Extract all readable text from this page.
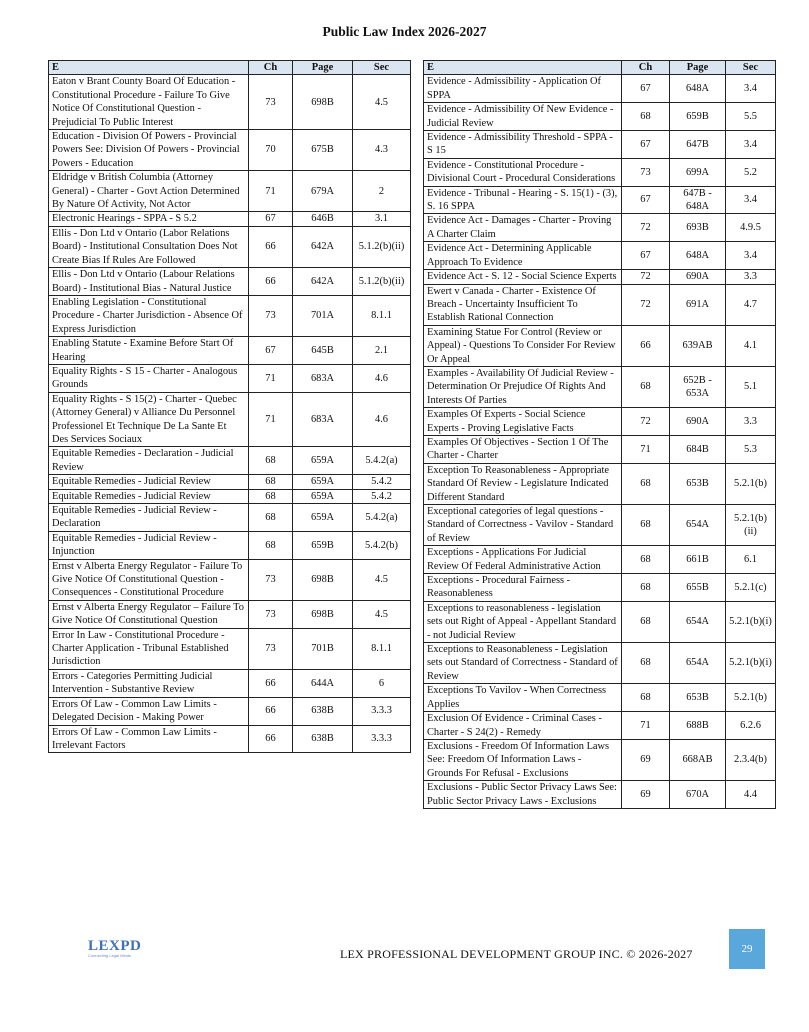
Public Law Index 2026-2027
E	Ch	Page	Sec
Eaton v Brant County Board Of Education - Constitutional Procedure - Failure To Give Notice Of Constitutional Question - Prejudicial To Public Interest	73	698B	4.5
Education - Division Of Powers - Provincial Powers See: Division Of Powers - Provincial Powers - Education	70	675B	4.3
Eldridge v British Columbia (Attorney General) - Charter - Govt Action Determined By Nature Of Activity, Not Actor	71	679A	2
Electronic Hearings - SPPA - S 5.2	67	646B	3.1
Ellis - Don Ltd v Ontario (Labor Relations Board) - Institutional Consultation Does Not Create Bias If Rules Are Followed	66	642A	5.1.2(b)(ii)
Ellis - Don Ltd v Ontario (Labour Relations Board) - Institutional Bias - Natural Justice	66	642A	5.1.2(b)(ii)
Enabling Legislation - Constitutional Procedure - Charter Jurisdiction - Absence Of Express Jurisdiction	73	701A	8.1.1
Enabling Statute - Examine Before Start Of Hearing	67	645B	2.1
Equality Rights - S 15 - Charter - Analogous Grounds	71	683A	4.6
Equality Rights - S 15(2) - Charter - Quebec (Attorney General) v Alliance Du Personnel Professionel Et Technique De La Sante Et Des Services Sociaux	71	683A	4.6
Equitable Remedies - Declaration - Judicial Review	68	659A	5.4.2(a)
Equitable Remedies - Judicial Review	68	659A	5.4.2
Equitable Remedies - Judicial Review	68	659A	5.4.2
Equitable Remedies - Judicial Review - Declaration	68	659A	5.4.2(a)
Equitable Remedies - Judicial Review - Injunction	68	659B	5.4.2(b)
Ernst v Alberta Energy Regulator - Failure To Give Notice Of Constitutional Question - Consequences - Constitutional Procedure	73	698B	4.5
Ernst v Alberta Energy Regulator – Failure To Give Notice Of Constitutional Question	73	698B	4.5
Error In Law - Constitutional Procedure - Charter Application - Tribunal Established Jurisdiction	73	701B	8.1.1
Errors - Categories Permitting Judicial Intervention - Substantive Review	66	644A	6
Errors Of Law - Common Law Limits - Delegated Decision - Making Power	66	638B	3.3.3
Errors Of Law - Common Law Limits - Irrelevant Factors	66	638B	3.3.3
E	Ch	Page	Sec
Evidence - Admissibility - Application Of SPPA	67	648A	3.4
Evidence - Admissibility Of New Evidence - Judicial Review	68	659B	5.5
Evidence - Admissibility Threshold - SPPA - S 15	67	647B	3.4
Evidence - Constitutional Procedure - Divisional Court - Procedural Considerations	73	699A	5.2
Evidence - Tribunal - Hearing - S. 15(1) - (3), S. 16 SPPA	67	647B - 648A	3.4
Evidence Act - Damages - Charter - Proving A Charter Claim	72	693B	4.9.5
Evidence Act - Determining Applicable Approach To Evidence	67	648A	3.4
Evidence Act - S. 12 - Social Science Experts	72	690A	3.3
Ewert v Canada - Charter - Existence Of Breach - Uncertainty Insufficient To Establish Rational Connection	72	691A	4.7
Examining Statue For Control (Review or Appeal) - Questions To Consider For Review Or Appeal	66	639AB	4.1
Examples - Availability Of Judicial Review - Determination Or Prejudice Of Rights And Interests Of Parties	68	652B - 653A	5.1
Examples Of Experts - Social Science Experts - Proving Legislative Facts	72	690A	3.3
Examples Of Objectives - Section 1 Of The Charter - Charter	71	684B	5.3
Exception To Reasonableness - Appropriate Standard Of Review - Legislature Indicated Different Standard	68	653B	5.2.1(b)
Exceptional categories of legal questions - Standard of Correctness - Vavilov - Standard of Review	68	654A	5.2.1(b)(ii)
Exceptions - Applications For Judicial Review Of Federal Administrative Action	68	661B	6.1
Exceptions - Procedural Fairness - Reasonableness	68	655B	5.2.1(c)
Exceptions to reasonableness - legislation sets out Right of Appeal - Appellant Standard - not Judicial Review	68	654A	5.2.1(b)(i)
Exceptions to Reasonableness - Legislation sets out Standard of Correctness - Standard of Review	68	654A	5.2.1(b)(i)
Exceptions To Vavilov - When Correctness Applies	68	653B	5.2.1(b)
Exclusion Of Evidence - Criminal Cases - Charter - S 24(2) - Remedy	71	688B	6.2.6
Exclusions - Freedom Of Information Laws See: Freedom Of Information Laws - Grounds For Refusal - Exclusions	69	668AB	2.3.4(b)
Exclusions - Public Sector Privacy Laws See: Public Sector Privacy Laws - Exclusions	69	670A	4.4
LEXPD
Connecting Legal Minds	LEX PROFESSIONAL DEVELOPMENT GROUP INC. © 2026-2027	29
